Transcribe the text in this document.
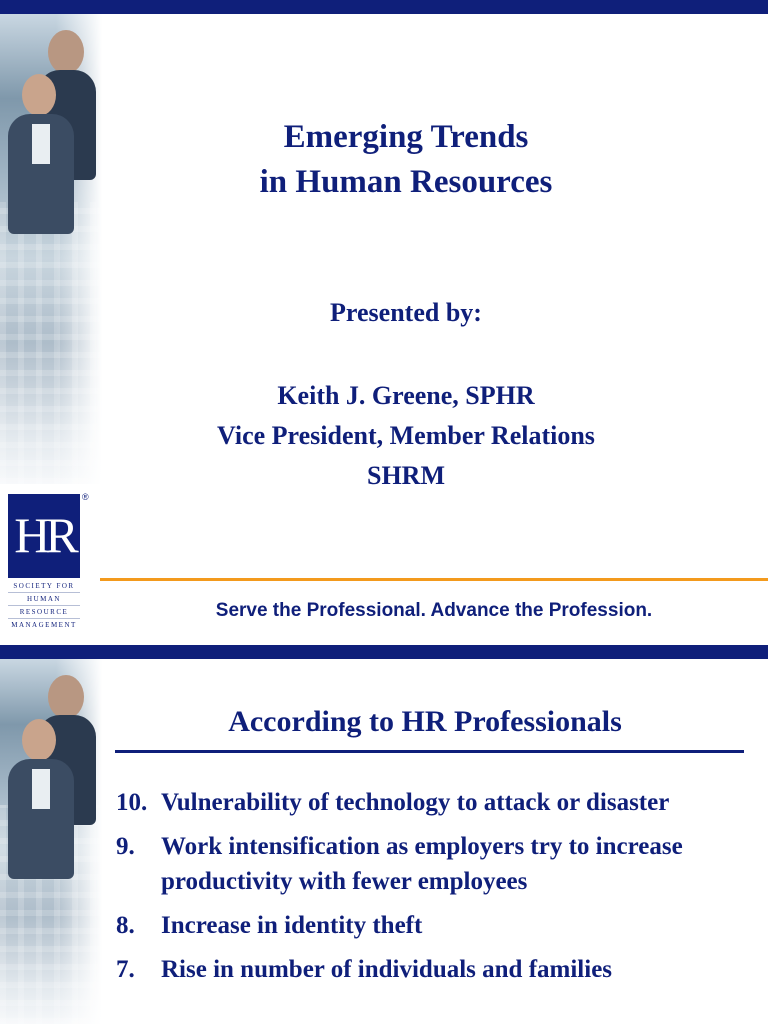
Emerging Trends
in Human Resources
Presented by:
Keith J. Greene, SPHR
Vice President, Member Relations
SHRM
HR
®
SOCIETY FOR
HUMAN
RESOURCE
MANAGEMENT
Serve the Professional. Advance the Profession.
According to HR Professionals
10. Vulnerability of technology to attack or disaster
9.	Work intensification as employers try to increase productivity with fewer employees
8.	Increase in identity theft
7.	Rise in number of individuals and families
